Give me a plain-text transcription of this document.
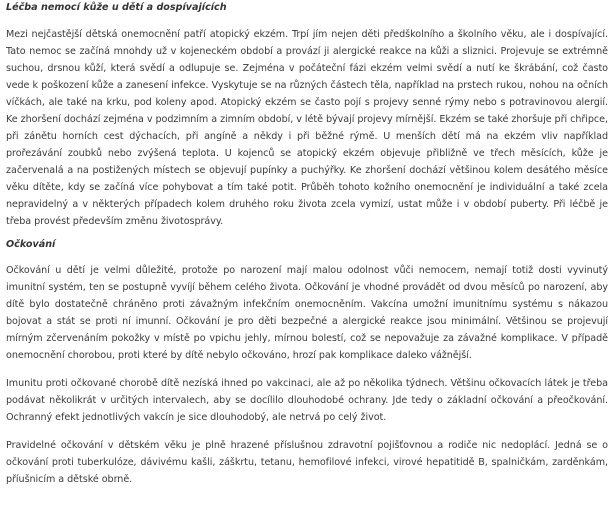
Léčba nemocí kůže u dětí a dospívajících

Mezi nejčastější dětská onemocnění patří atopický ekzém. Trpí jím nejen děti předškolního a školního věku, ale i dospívající. Tato nemoc se začíná mnohdy už v kojeneckém období a provází ji alergické reakce na kůži a sliznici. Projevuje se extrémně suchou, drsnou kůží, která svědí a odlupuje se. Zejména v počáteční fázi ekzém velmi svědí a nutí ke škrábání, což často vede k poškození kůže a zanesení infekce. Vyskytuje se na různých částech těla, například na prstech rukou, nohou na očních víčkách, ale také na krku, pod koleny apod. Atopický ekzém se často pojí s projevy senné rýmy nebo s potravinovou alergií. Ke zhoršení dochází zejména v podzimním a zimním období, v létě bývají projevy mírnější. Ekzém se také zhoršuje při chřipce, při zánětu horních cest dýchacích, při angíně a někdy i při běžné rýmě. U menších dětí má na ekzém vliv například prořezávání zoubků nebo zvýšená teplota. U kojenců se atopický ekzém objevuje přibližně ve třech měsících, kůže je začervenalá a na postižených místech se objevují pupínky a puchýřky. Ke zhoršení dochází většinou kolem desátého měsíce věku dítěte, kdy se začíná více pohybovat a tím také potit. Průběh tohoto kožního onemocnění je individuální a také zcela nepravidelný a v některých případech kolem druhého roku života zcela vymizí, ustat může i v období puberty. Při léčbě je třeba provést především změnu životosprávy.

Očkování

Očkování u dětí je velmi důležité, protože po narození mají malou odolnost vůči nemocem, nemají totiž dosti vyvinutý imunitní systém, ten se postupně vyvíjí během celého života. Očkování je vhodné provádět od dvou měsíců po narození, aby dítě bylo dostatečně chráněno proti závažným infekčním onemocněním. Vakcína umožní imunitnímu systému s nákazou bojovat a stát se proti ní imunní. Očkování je pro děti bezpečné a alergické reakce jsou minimální. Většinou se projevují mírným zčervenáním pokožky v místě po vpichu jehly, mírnou bolestí, což se nepovažuje za závažné komplikace. V případě onemocnění chorobou, proti které by dítě nebylo očkováno, hrozí pak komplikace daleko vážnější.

Imunitu proti očkované chorobě dítě nezíská ihned po vakcinaci, ale až po několika týdnech. Většinu očkovacích látek je třeba podávat několikrát v určitých intervalech, aby se docílilo dlouhodobé ochrany. Jde tedy o základní očkování a přeočkování. Ochranný efekt jednotlivých vakcín je sice dlouhodobý, ale netrvá po celý život.

Pravidelné očkování v dětském věku je plně hrazené příslušnou zdravotní pojišťovnou a rodiče nic nedoplácí. Jedná se o očkování proti tuberkulóze, dávivému kašli, záškrtu, tetanu, hemofilové infekci, virové hepatitidě B, spalničkám, zarděnkám, příušnicím a dětské obrně.
